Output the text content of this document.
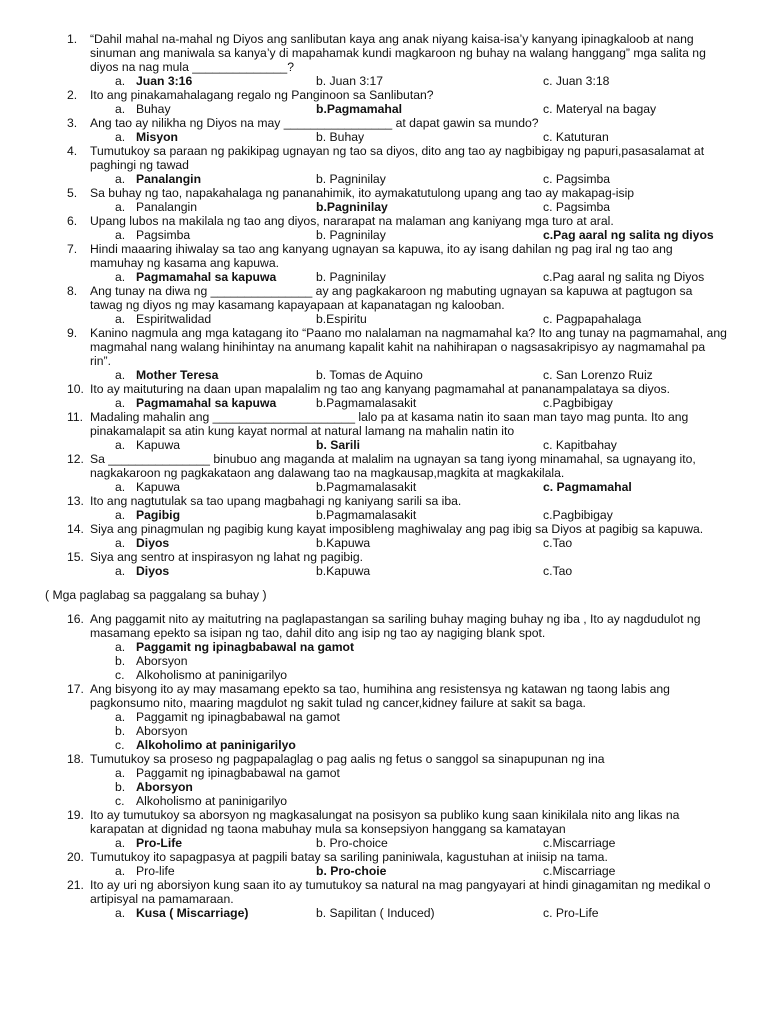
1. “Dahil mahal na-mahal ng Diyos ang sanlibutan kaya ang anak niyang kaisa-isa’y kanyang ipinagkaloob at nang sinuman ang maniwala sa kanya’y di mapahamak kundi magkaroon ng buhay na walang hanggang” mga salita ng diyos na nag mula ______________?
a. Juan 3:16	b. Juan 3:17	c. Juan 3:18
2. Ito ang pinakamahalagang regalo ng Panginoon sa Sanlibutan?
a. Buhay	b.Pagmamahal	c. Materyal na bagay
3. Ang tao ay nilikha ng Diyos na may ________________ at dapat gawin sa mundo?
a. Misyon	b. Buhay	c. Katuturan
4. Tumutukoy sa paraan ng pakikipag ugnayan ng tao sa diyos, dito ang tao ay nagbibigay ng papuri,pasasalamat at paghingi ng tawad
a. Panalangin	b. Pagninilay	c. Pagsimba
5. Sa buhay ng tao, napakahalaga ng pananahimik, ito aymakatutulong upang ang tao ay makapag-isip
a. Panalangin	b.Pagninilay	c. Pagsimba
6. Upang lubos na makilala ng tao ang diyos, nararapat na malaman ang kaniyang mga turo at aral.
a. Pagsimba	b. Pagninilay	c.Pag aaral ng salita ng diyos
7. Hindi maaaring ihiwalay sa tao ang kanyang ugnayan sa kapuwa, ito ay isang dahilan ng pag iral ng tao ang mamuhay ng kasama ang kapuwa.
a. Pagmamahal sa kapuwa	b. Pagninilay	c.Pag aaral ng salita ng Diyos
8. Ang tunay na diwa ng _______________ ay ang pagkakaroon ng mabuting ugnayan sa kapuwa at pagtugon sa tawag ng diyos ng may kasamang kapayapaan at kapanatagan ng kalooban.
a. Espiritwalidad	b.Espiritu	c. Pagpapahalaga
9. Kanino nagmula ang mga katagang ito “Paano mo nalalaman na nagmamahal ka? Ito ang tunay na pagmamahal, ang magmahal nang walang hinihintay na anumang kapalit kahit na nahihirapan o nagsasakripisyo ay nagmamahal pa rin”.
a. Mother Teresa	b. Tomas de Aquino	c. San Lorenzo Ruiz
10. Ito ay maituturing na daan upan mapalalim ng tao ang kanyang pagmamahal at pananampalataya sa diyos.
a. Pagmamahal sa kapuwa	b.Pagmamalasakit	c.Pagbibigay
11. Madaling mahalin ang _____________________ lalo pa at kasama natin ito saan man tayo mag punta. Ito ang pinakamalapit sa atin kung kayat normal at natural lamang na mahalin natin ito
a. Kapuwa	b. Sarili	c. Kapitbahay
12. Sa _______________ binubuo ang maganda at malalim na ugnayan sa tang iyong minamahal, sa ugnayang ito, nagkakaroon ng pagkakataon ang dalawang tao na magkausap,magkita at magkakilala.
a. Kapuwa	b.Pagmamalasakit	c. Pagmamahal
13. Ito ang nagtutulak sa tao upang magbahagi ng kaniyang sarili sa iba.
a. Pagibig	b.Pagmamalasakit	c.Pagbibigay
14. Siya ang pinagmulan ng pagibig kung kayat imposibleng maghiwalay ang pag ibig sa Diyos at pagibig sa kapuwa.
a. Diyos	b.Kapuwa	c.Tao
15. Siya ang sentro at inspirasyon ng lahat ng pagibig.
a. Diyos	b.Kapuwa	c.Tao
( Mga paglabag sa paggalang sa buhay )
16. Ang paggamit nito ay maitutring na paglapastangan sa sariling buhay maging buhay ng iba , Ito ay nagdudulot ng masamang epekto sa isipan ng tao, dahil dito ang isip ng tao ay nagiging blank spot.
a. Paggamit ng ipinagbabawal na gamot
b. Aborsyon
c. Alkoholismo at paninigarilyo
17. Ang bisyong ito ay may masamang epekto sa tao, humihina ang resistensya ng katawan ng taong labis ang pagkonsumo nito, maaring magdulot ng sakit tulad ng cancer,kidney failure at sakit sa baga.
a. Paggamit ng ipinagbabawal na gamot
b. Aborsyon
c. Alkoholimo at paninigarilyo
18. Tumutukoy sa proseso ng pagpapalaglag o pag aalis ng fetus o sanggol sa sinapupunan ng ina
a. Paggamit ng ipinagbabawal na gamot
b. Aborsyon
c. Alkoholismo at paninigarilyo
19. Ito ay tumutukoy sa aborsyon ng magkasalungat na posisyon sa publiko kung saan kinikilala nito ang likas na karapatan at dignidad ng taona mabuhay mula sa konsepsiyon hanggang sa kamatayan
a. Pro-Life	b. Pro-choice	c.Miscarriage
20. Tumutukoy ito sapagpasya at pagpili batay sa sariling paniniwala, kagustuhan at iniisip na tama.
a. Pro-life	b. Pro-choie	c.Miscarriage
21. Ito ay uri ng aborsiyon kung saan ito ay tumutukoy sa natural na mag pangyayari at hindi ginagamitan ng medikal o artipisyal na pamamaraan.
a. Kusa ( Miscarriage)	b. Sapilitan ( Induced)	c. Pro-Life
